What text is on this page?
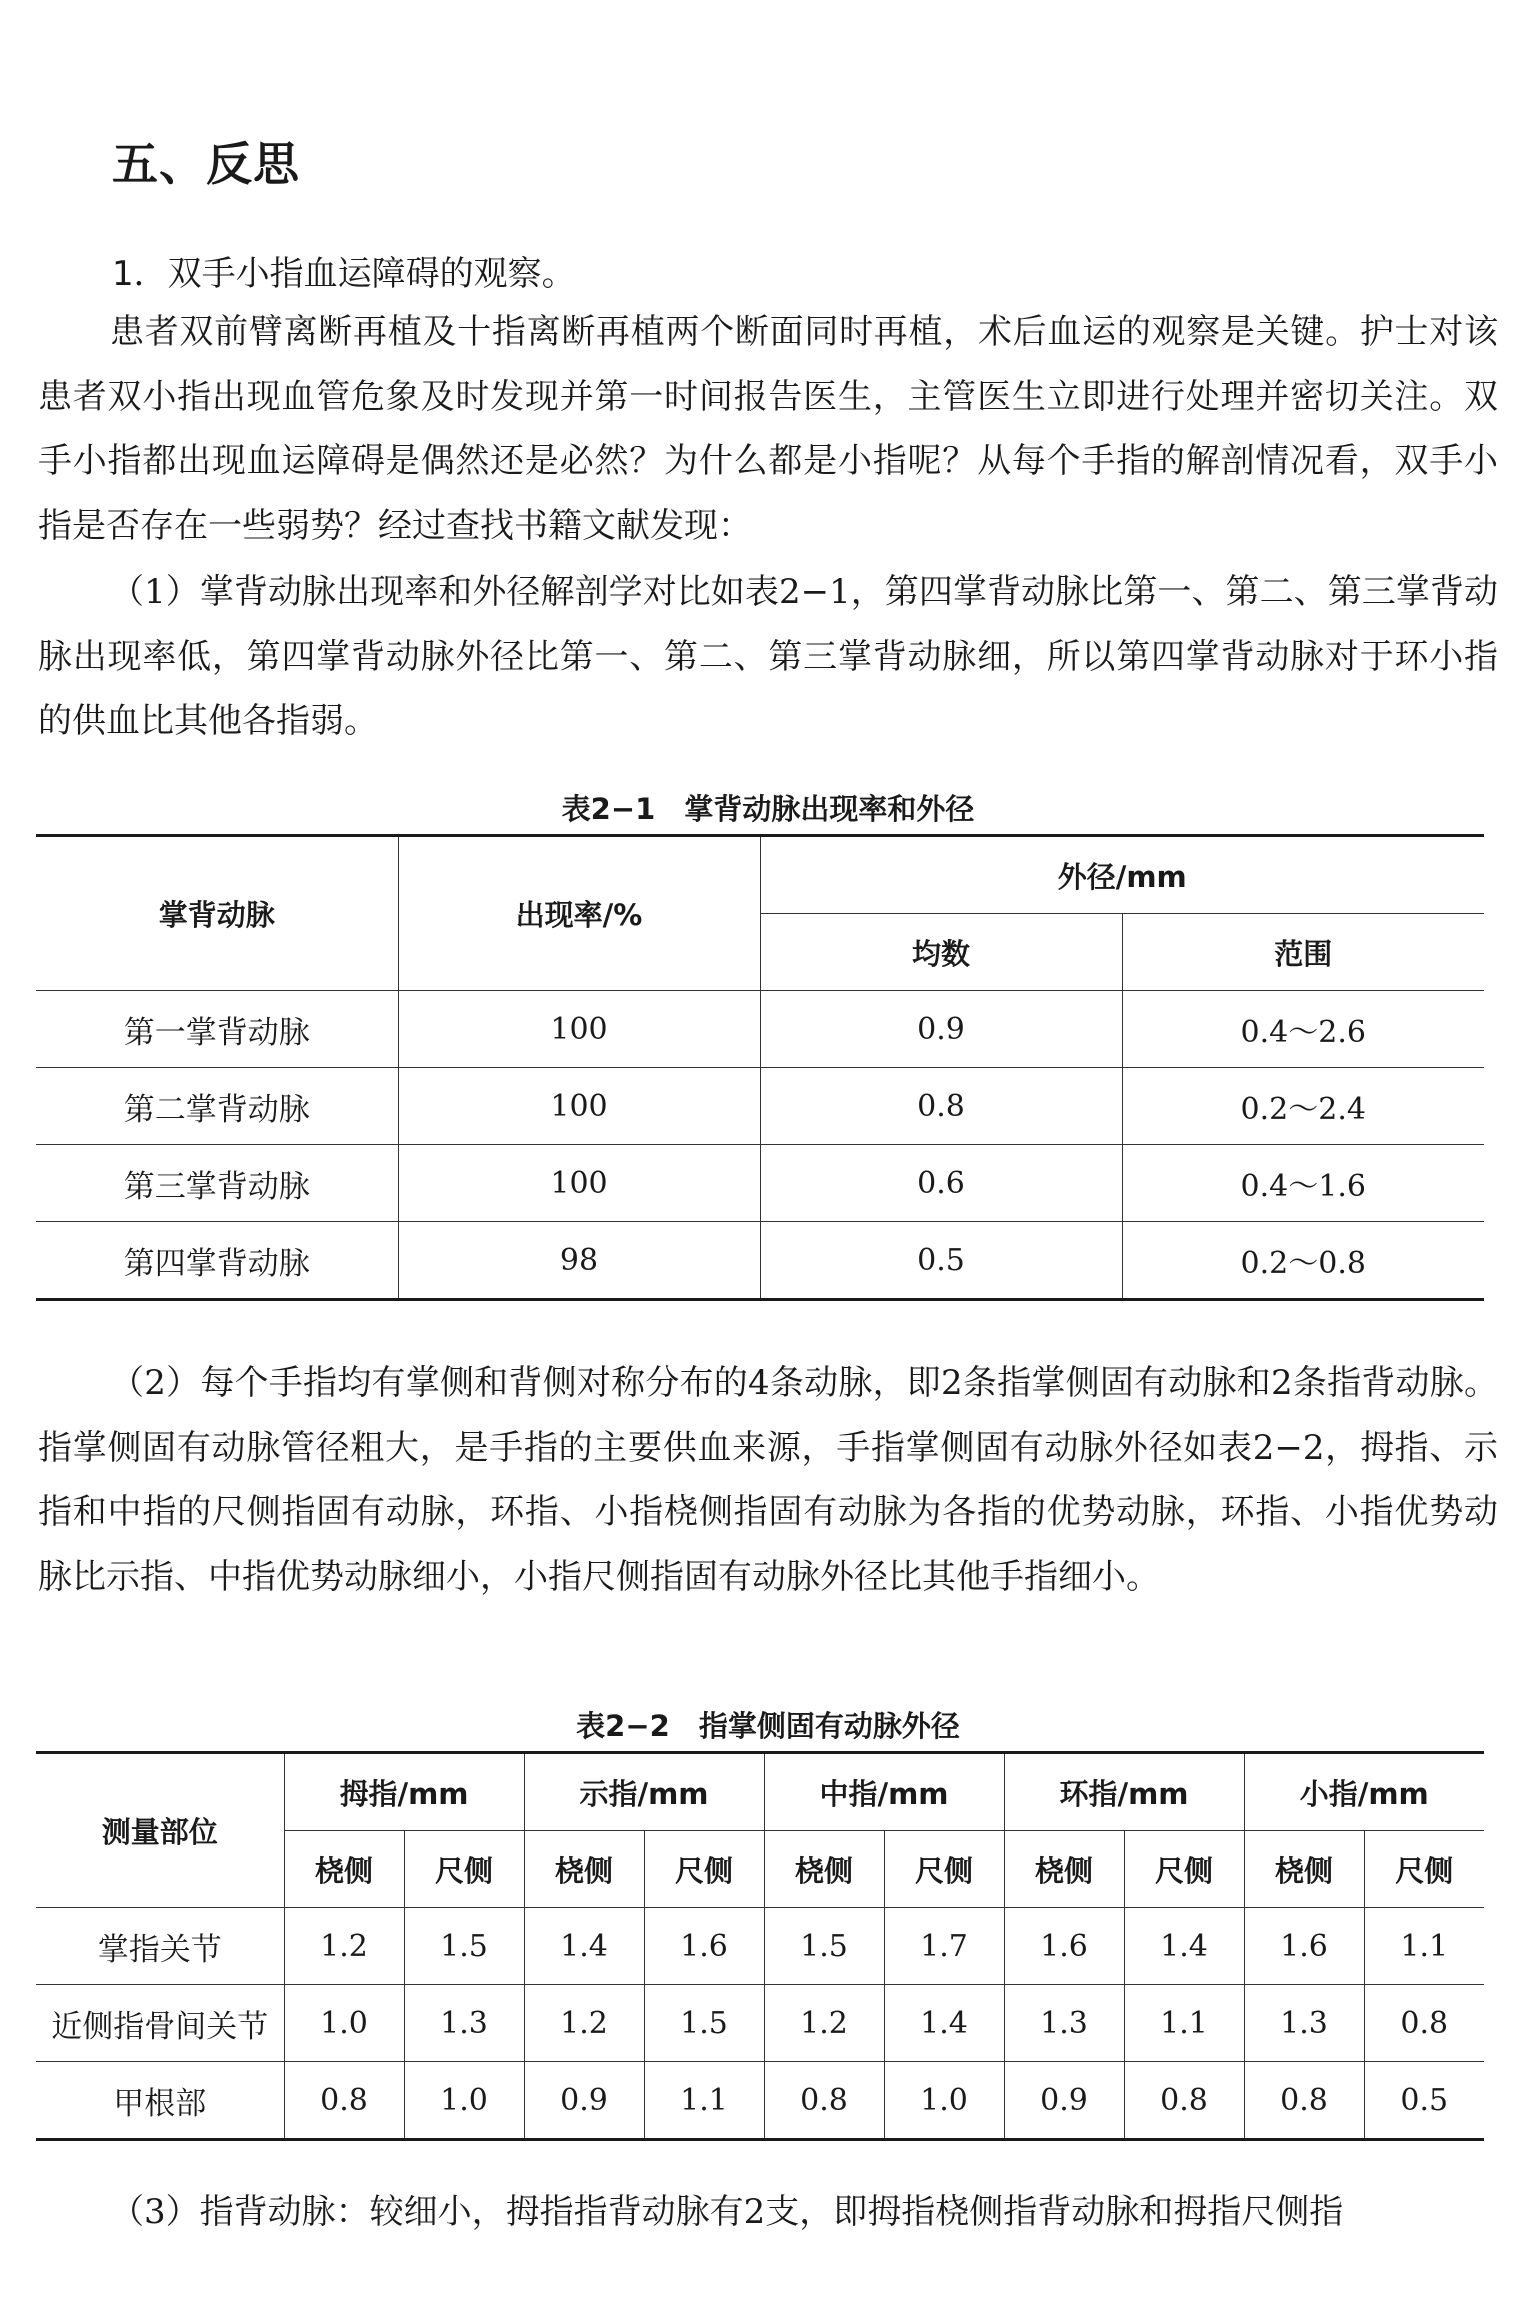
五、反思

1．双手小指血运障碍的观察。

患者双前臂离断再植及十指离断再植两个断面同时再植，术后血运的观察是关键。护士对该患者双小指出现血管危象及时发现并第一时间报告医生，主管医生立即进行处理并密切关注。双手小指都出现血运障碍是偶然还是必然？为什么都是小指呢？从每个手指的解剖情况看，双手小指是否存在一些弱势？经过查找书籍文献发现：

（1）掌背动脉出现率和外径解剖学对比如表2−1，第四掌背动脉比第一、第二、第三掌背动脉出现率低，第四掌背动脉外径比第一、第二、第三掌背动脉细，所以第四掌背动脉对于环小指的供血比其他各指弱。

表2−1　掌背动脉出现率和外径

掌背动脉	出现率/%	外径/mm	
		均数	范围
第一掌背动脉	100	0.9	0.4～2.6
第二掌背动脉	100	0.8	0.2～2.4
第三掌背动脉	100	0.6	0.4～1.6
第四掌背动脉	98	0.5	0.2～0.8

（2）每个手指均有掌侧和背侧对称分布的4条动脉，即2条指掌侧固有动脉和2条指背动脉。指掌侧固有动脉管径粗大，是手指的主要供血来源，手指掌侧固有动脉外径如表2−2，拇指、示指和中指的尺侧指固有动脉，环指、小指桡侧指固有动脉为各指的优势动脉，环指、小指优势动脉比示指、中指优势动脉细小，小指尺侧指固有动脉外径比其他手指细小。

表2−2　指掌侧固有动脉外径

测量部位	拇指/mm		示指/mm		中指/mm		环指/mm		小指/mm	
	桡侧	尺侧	桡侧	尺侧	桡侧	尺侧	桡侧	尺侧	桡侧	尺侧
掌指关节	1.2	1.5	1.4	1.6	1.5	1.7	1.6	1.4	1.6	1.1
近侧指骨间关节	1.0	1.3	1.2	1.5	1.2	1.4	1.3	1.1	1.3	0.8
甲根部	0.8	1.0	0.9	1.1	0.8	1.0	0.9	0.8	0.8	0.5

（3）指背动脉：较细小，拇指指背动脉有2支，即拇指桡侧指背动脉和拇指尺侧指
